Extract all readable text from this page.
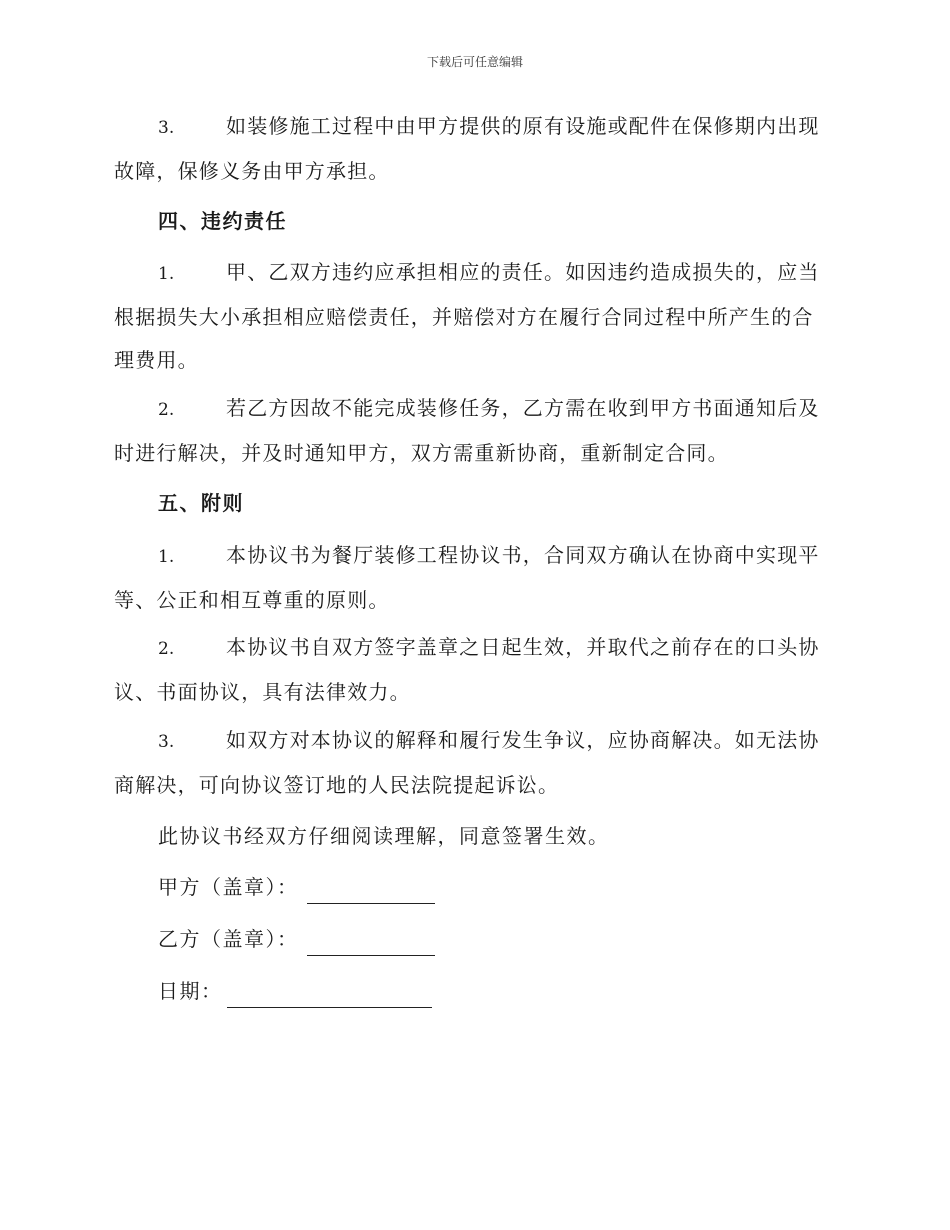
下载后可任意编辑
3.	如装修施工过程中由甲方提供的原有设施或配件在保修期内出现
故障，保修义务由甲方承担。
四、违约责任
1.	甲、乙双方违约应承担相应的责任。如因违约造成损失的，应当
根据损失大小承担相应赔偿责任，并赔偿对方在履行合同过程中所产生的合
理费用。
2.	若乙方因故不能完成装修任务，乙方需在收到甲方书面通知后及
时进行解决，并及时通知甲方，双方需重新协商，重新制定合同。
五、附则
1.	本协议书为餐厅装修工程协议书，合同双方确认在协商中实现平
等、公正和相互尊重的原则。
2.	本协议书自双方签字盖章之日起生效，并取代之前存在的口头协
议、书面协议，具有法律效力。
3.	如双方对本协议的解释和履行发生争议，应协商解决。如无法协
商解决，可向协议签订地的人民法院提起诉讼。
此协议书经双方仔细阅读理解，同意签署生效。
甲方（盖章）：
乙方（盖章）：
日期：
